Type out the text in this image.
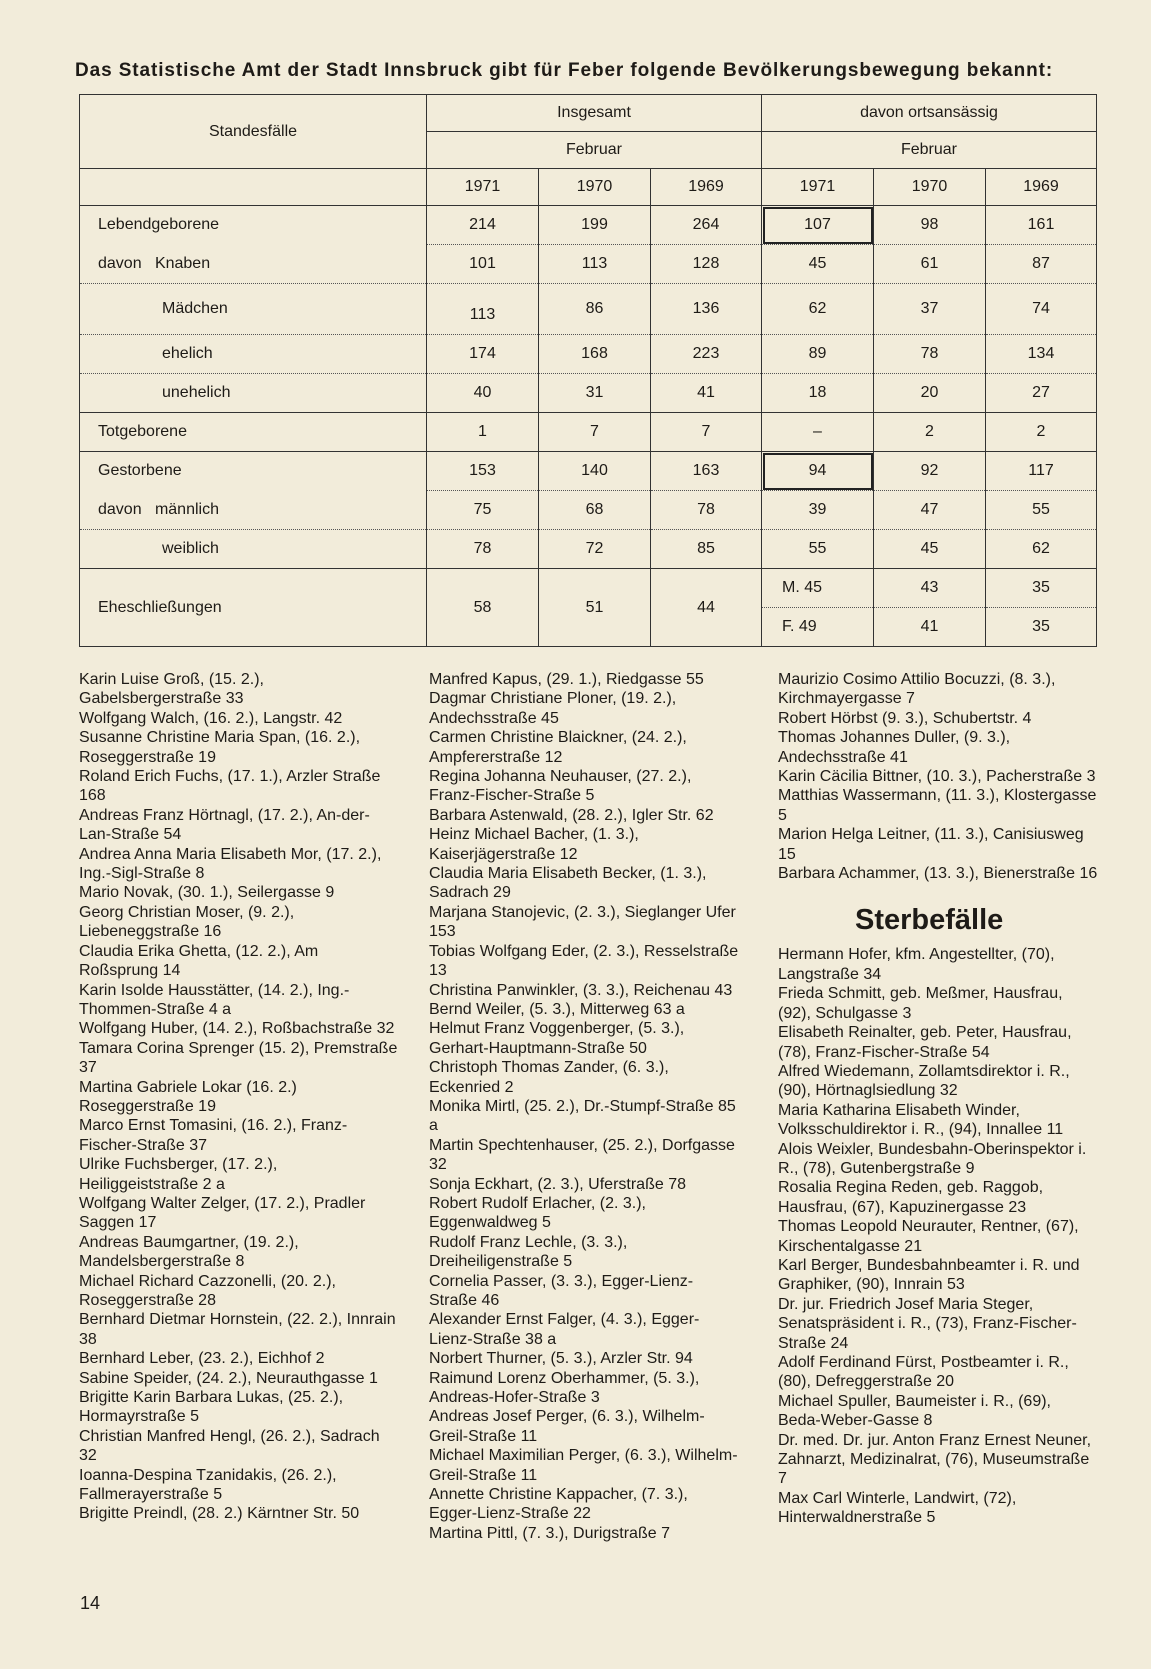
Das Statistische Amt der Stadt Innsbruck gibt für Feber folgende Bevölkerungsbewegung bekannt:
Standesfälle	Insgesamt			davon ortsansässig		
	Februar			Februar		
	1971	1970	1969	1971	1970	1969
Lebendgeborene	214	199	264	107	98	161
davon Knaben	101	113	128	45	61	87
Mädchen	113	86	136	62	37	74
ehelich	174	168	223	89	78	134
unehelich	40	31	41	18	20	27
Totgeborene	1	7	7	–	2	2
Gestorbene	153	140	163	94	92	117
davon männlich	75	68	78	39	47	55
weiblich	78	72	85	55	45	62
Eheschließungen	58	51	44	M. 45	43	35
				F. 49	41	35

Karin Luise Groß, (15. 2.), Gabelsbergerstraße 33

Wolfgang Walch, (16. 2.), Langstr. 42

Susanne Christine Maria Span, (16. 2.), Roseggerstraße 19

Roland Erich Fuchs, (17. 1.), Arzler Straße 168

Andreas Franz Hörtnagl, (17. 2.), An-der-Lan-Straße 54

Andrea Anna Maria Elisabeth Mor, (17. 2.), Ing.-Sigl-Straße 8

Mario Novak, (30. 1.), Seilergasse 9

Georg Christian Moser, (9. 2.), Liebeneggstraße 16

Claudia Erika Ghetta, (12. 2.), Am Roßsprung 14

Karin Isolde Hausstätter, (14. 2.), Ing.-Thommen-Straße 4 a

Wolfgang Huber, (14. 2.), Roßbachstraße 32

Tamara Corina Sprenger (15. 2), Premstraße 37

Martina Gabriele Lokar (16. 2.) Roseggerstraße 19

Marco Ernst Tomasini, (16. 2.), Franz-Fischer-Straße 37

Ulrike Fuchsberger, (17. 2.), Heiliggeiststraße 2 a

Wolfgang Walter Zelger, (17. 2.), Pradler Saggen 17

Andreas Baumgartner, (19. 2.), Mandelsbergerstraße 8

Michael Richard Cazzonelli, (20. 2.), Roseggerstraße 28

Bernhard Dietmar Hornstein, (22. 2.), Innrain 38

Bernhard Leber, (23. 2.), Eichhof 2

Sabine Speider, (24. 2.), Neurauthgasse 1

Brigitte Karin Barbara Lukas, (25. 2.), Hormayrstraße 5

Christian Manfred Hengl, (26. 2.), Sadrach 32

Ioanna-Despina Tzanidakis, (26. 2.), Fallmerayerstraße 5

Brigitte Preindl, (28. 2.) Kärntner Str. 50

Manfred Kapus, (29. 1.), Riedgasse 55

Dagmar Christiane Ploner, (19. 2.), Andechsstraße 45

Carmen Christine Blaickner, (24. 2.), Ampfererstraße 12

Regina Johanna Neuhauser, (27. 2.), Franz-Fischer-Straße 5

Barbara Astenwald, (28. 2.), Igler Str. 62

Heinz Michael Bacher, (1. 3.), Kaiserjägerstraße 12

Claudia Maria Elisabeth Becker, (1. 3.), Sadrach 29

Marjana Stanojevic, (2. 3.), Sieglanger Ufer 153

Tobias Wolfgang Eder, (2. 3.), Resselstraße 13

Christina Panwinkler, (3. 3.), Reichenau 43

Bernd Weiler, (5. 3.), Mitterweg 63 a

Helmut Franz Voggenberger, (5. 3.), Gerhart-Hauptmann-Straße 50

Christoph Thomas Zander, (6. 3.), Eckenried 2

Monika Mirtl, (25. 2.), Dr.-Stumpf-Straße 85 a

Martin Spechtenhauser, (25. 2.), Dorfgasse 32

Sonja Eckhart, (2. 3.), Uferstraße 78

Robert Rudolf Erlacher, (2. 3.), Eggenwaldweg 5

Rudolf Franz Lechle, (3. 3.), Dreiheiligenstraße 5

Cornelia Passer, (3. 3.), Egger-Lienz-Straße 46

Alexander Ernst Falger, (4. 3.), Egger-Lienz-Straße 38 a

Norbert Thurner, (5. 3.), Arzler Str. 94

Raimund Lorenz Oberhammer, (5. 3.), Andreas-Hofer-Straße 3

Andreas Josef Perger, (6. 3.), Wilhelm-Greil-Straße 11

Michael Maximilian Perger, (6. 3.), Wilhelm-Greil-Straße 11

Annette Christine Kappacher, (7. 3.), Egger-Lienz-Straße 22

Martina Pittl, (7. 3.), Durigstraße 7

Maurizio Cosimo Attilio Bocuzzi, (8. 3.), Kirchmayergasse 7

Robert Hörbst (9. 3.), Schubertstr. 4

Thomas Johannes Duller, (9. 3.), Andechsstraße 41

Karin Cäcilia Bittner, (10. 3.), Pacherstraße 3

Matthias Wassermann, (11. 3.), Klostergasse 5

Marion Helga Leitner, (11. 3.), Canisiusweg 15

Barbara Achammer, (13. 3.), Bienerstraße 16

Sterbefälle

Hermann Hofer, kfm. Angestellter, (70), Langstraße 34

Frieda Schmitt, geb. Meßmer, Hausfrau, (92), Schulgasse 3

Elisabeth Reinalter, geb. Peter, Hausfrau, (78), Franz-Fischer-Straße 54

Alfred Wiedemann, Zollamtsdirektor i. R., (90), Hörtnaglsiedlung 32

Maria Katharina Elisabeth Winder, Volksschuldirektor i. R., (94), Innallee 11

Alois Weixler, Bundesbahn-Oberinspektor i. R., (78), Gutenbergstraße 9

Rosalia Regina Reden, geb. Raggob, Hausfrau, (67), Kapuzinergasse 23

Thomas Leopold Neurauter, Rentner, (67), Kirschentalgasse 21

Karl Berger, Bundesbahnbeamter i. R. und Graphiker, (90), Innrain 53

Dr. jur. Friedrich Josef Maria Steger, Senatspräsident i. R., (73), Franz-Fischer-Straße 24

Adolf Ferdinand Fürst, Postbeamter i. R., (80), Defreggerstraße 20

Michael Spuller, Baumeister i. R., (69), Beda-Weber-Gasse 8

Dr. med. Dr. jur. Anton Franz Ernest Neuner, Zahnarzt, Medizinalrat, (76), Museumstraße 7

Max Carl Winterle, Landwirt, (72), Hinterwaldnerstraße 5

14
